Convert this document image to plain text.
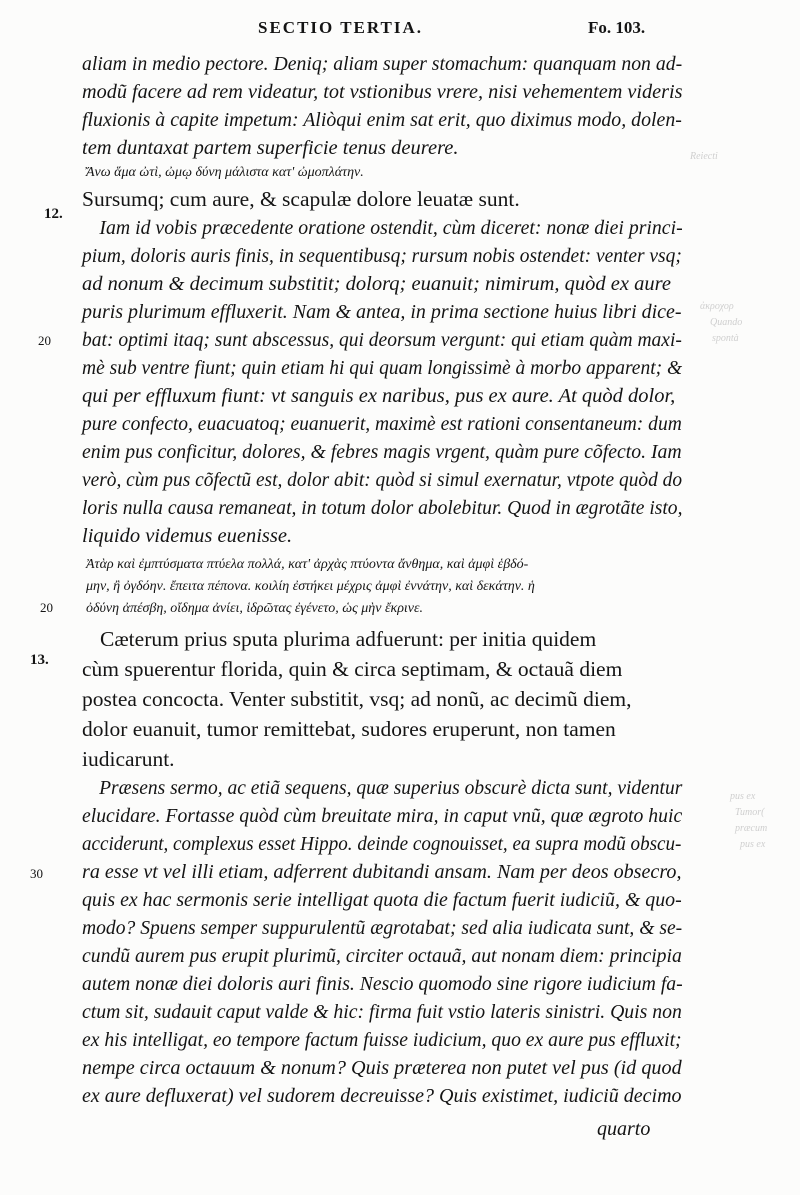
SECTIO TERTIA.	Fo. 103.
Reiecti
ἀκροχορ
Quando
spontà
pus ex
Tumor(
præcum
pus ex
12.
20
20
13.
30
aliam in medio pectore. Deniq; aliam super stomachum: quanquam non ad-
modũ facere ad rem videatur, tot vstionibus vrere, nisi vehementem videris
fluxionis à capite impetum: Aliòqui enim sat erit, quo diximus modo, dolen-
tem duntaxat partem superficie tenus deurere.
Ἄνω ἅμα ὠτὶ, ὠμῳ δύνη μάλιστα κατ' ὠμοπλάτην.
Sursumq; cum aure, & scapulæ dolore leuatæ sunt.
Iam id vobis præcedente oratione ostendit, cùm diceret: nonæ diei princi-
pium, doloris auris finis, in sequentibusq; rursum nobis ostendet: venter vsq;
ad nonum & decimum substitit; dolorq; euanuit; nimirum, quòd ex aure
puris plurimum effluxerit. Nam & antea, in prima sectione huius libri dice-
bat: optimi itaq; sunt abscessus, qui deorsum vergunt: qui etiam quàm maxi-
mè sub ventre fiunt; quin etiam hi qui quam longissimè à morbo apparent; &
qui per effluxum fiunt: vt sanguis ex naribus, pus ex aure. At quòd dolor,
pure confecto, euacuatoq; euanuerit, maximè est rationi consentaneum: dum
enim pus conficitur, dolores, & febres magis vrgent, quàm pure cõfecto. Iam
verò, cùm pus cõfectũ est, dolor abit: quòd si simul exernatur, vtpote quòd do
loris nulla causa remaneat, in totum dolor abolebitur. Quod in ægrotãte isto,
liquido videmus euenisse.
Ἀτὰρ καὶ ἐμπτύσματα πτύελα πολλά, κατ' ἀρχὰς πτύοντα ἄνθημα, καὶ ἀμφὶ ἑβδό-
μην, ἢ ὀγδόην. ἔπειτα πέπονα. κοιλίη ἐστήκει μέχρις ἀμφὶ ἐννάτην, καὶ δεκάτην. ἡ
ὀδύνη ἀπέσβη, οἴδημα ἀνίει, ἱδρῶτας ἐγένετο, ὡς μὴν ἔκρινε.
Cæterum prius sputa plurima adfuerunt: per initia quidem
cùm spuerentur florida, quin & circa septimam, & octauã diem
postea concocta. Venter substitit, vsq; ad nonũ, ac decimũ diem,
dolor euanuit, tumor remittebat, sudores eruperunt, non tamen
iudicarunt.
Præsens sermo, ac etiã sequens, quæ superius obscurè dicta sunt, videntur
elucidare. Fortasse quòd cùm breuitate mira, in caput vnũ, quæ ægroto huic
acciderunt, complexus esset Hippo. deinde cognouisset, ea supra modũ obscu-
ra esse vt vel illi etiam, adferrent dubitandi ansam. Nam per deos obsecro,
quis ex hac sermonis serie intelligat quota die factum fuerit iudiciũ, & quo-
modo? Spuens semper suppurulentũ ægrotabat; sed alia iudicata sunt, & se-
cundũ aurem pus erupit plurimũ, circiter octauã, aut nonam diem: principia
autem nonæ diei doloris auri finis. Nescio quomodo sine rigore iudicium fa-
ctum sit, sudauit caput valde & hic: firma fuit vstio lateris sinistri. Quis non
ex his intelligat, eo tempore factum fuisse iudicium, quo ex aure pus effluxit;
nempe circa octauum & nonum? Quis præterea non putet vel pus (id quod
ex aure defluxerat) vel sudorem decreuisse? Quis existimet, iudiciũ decimo
quarto
